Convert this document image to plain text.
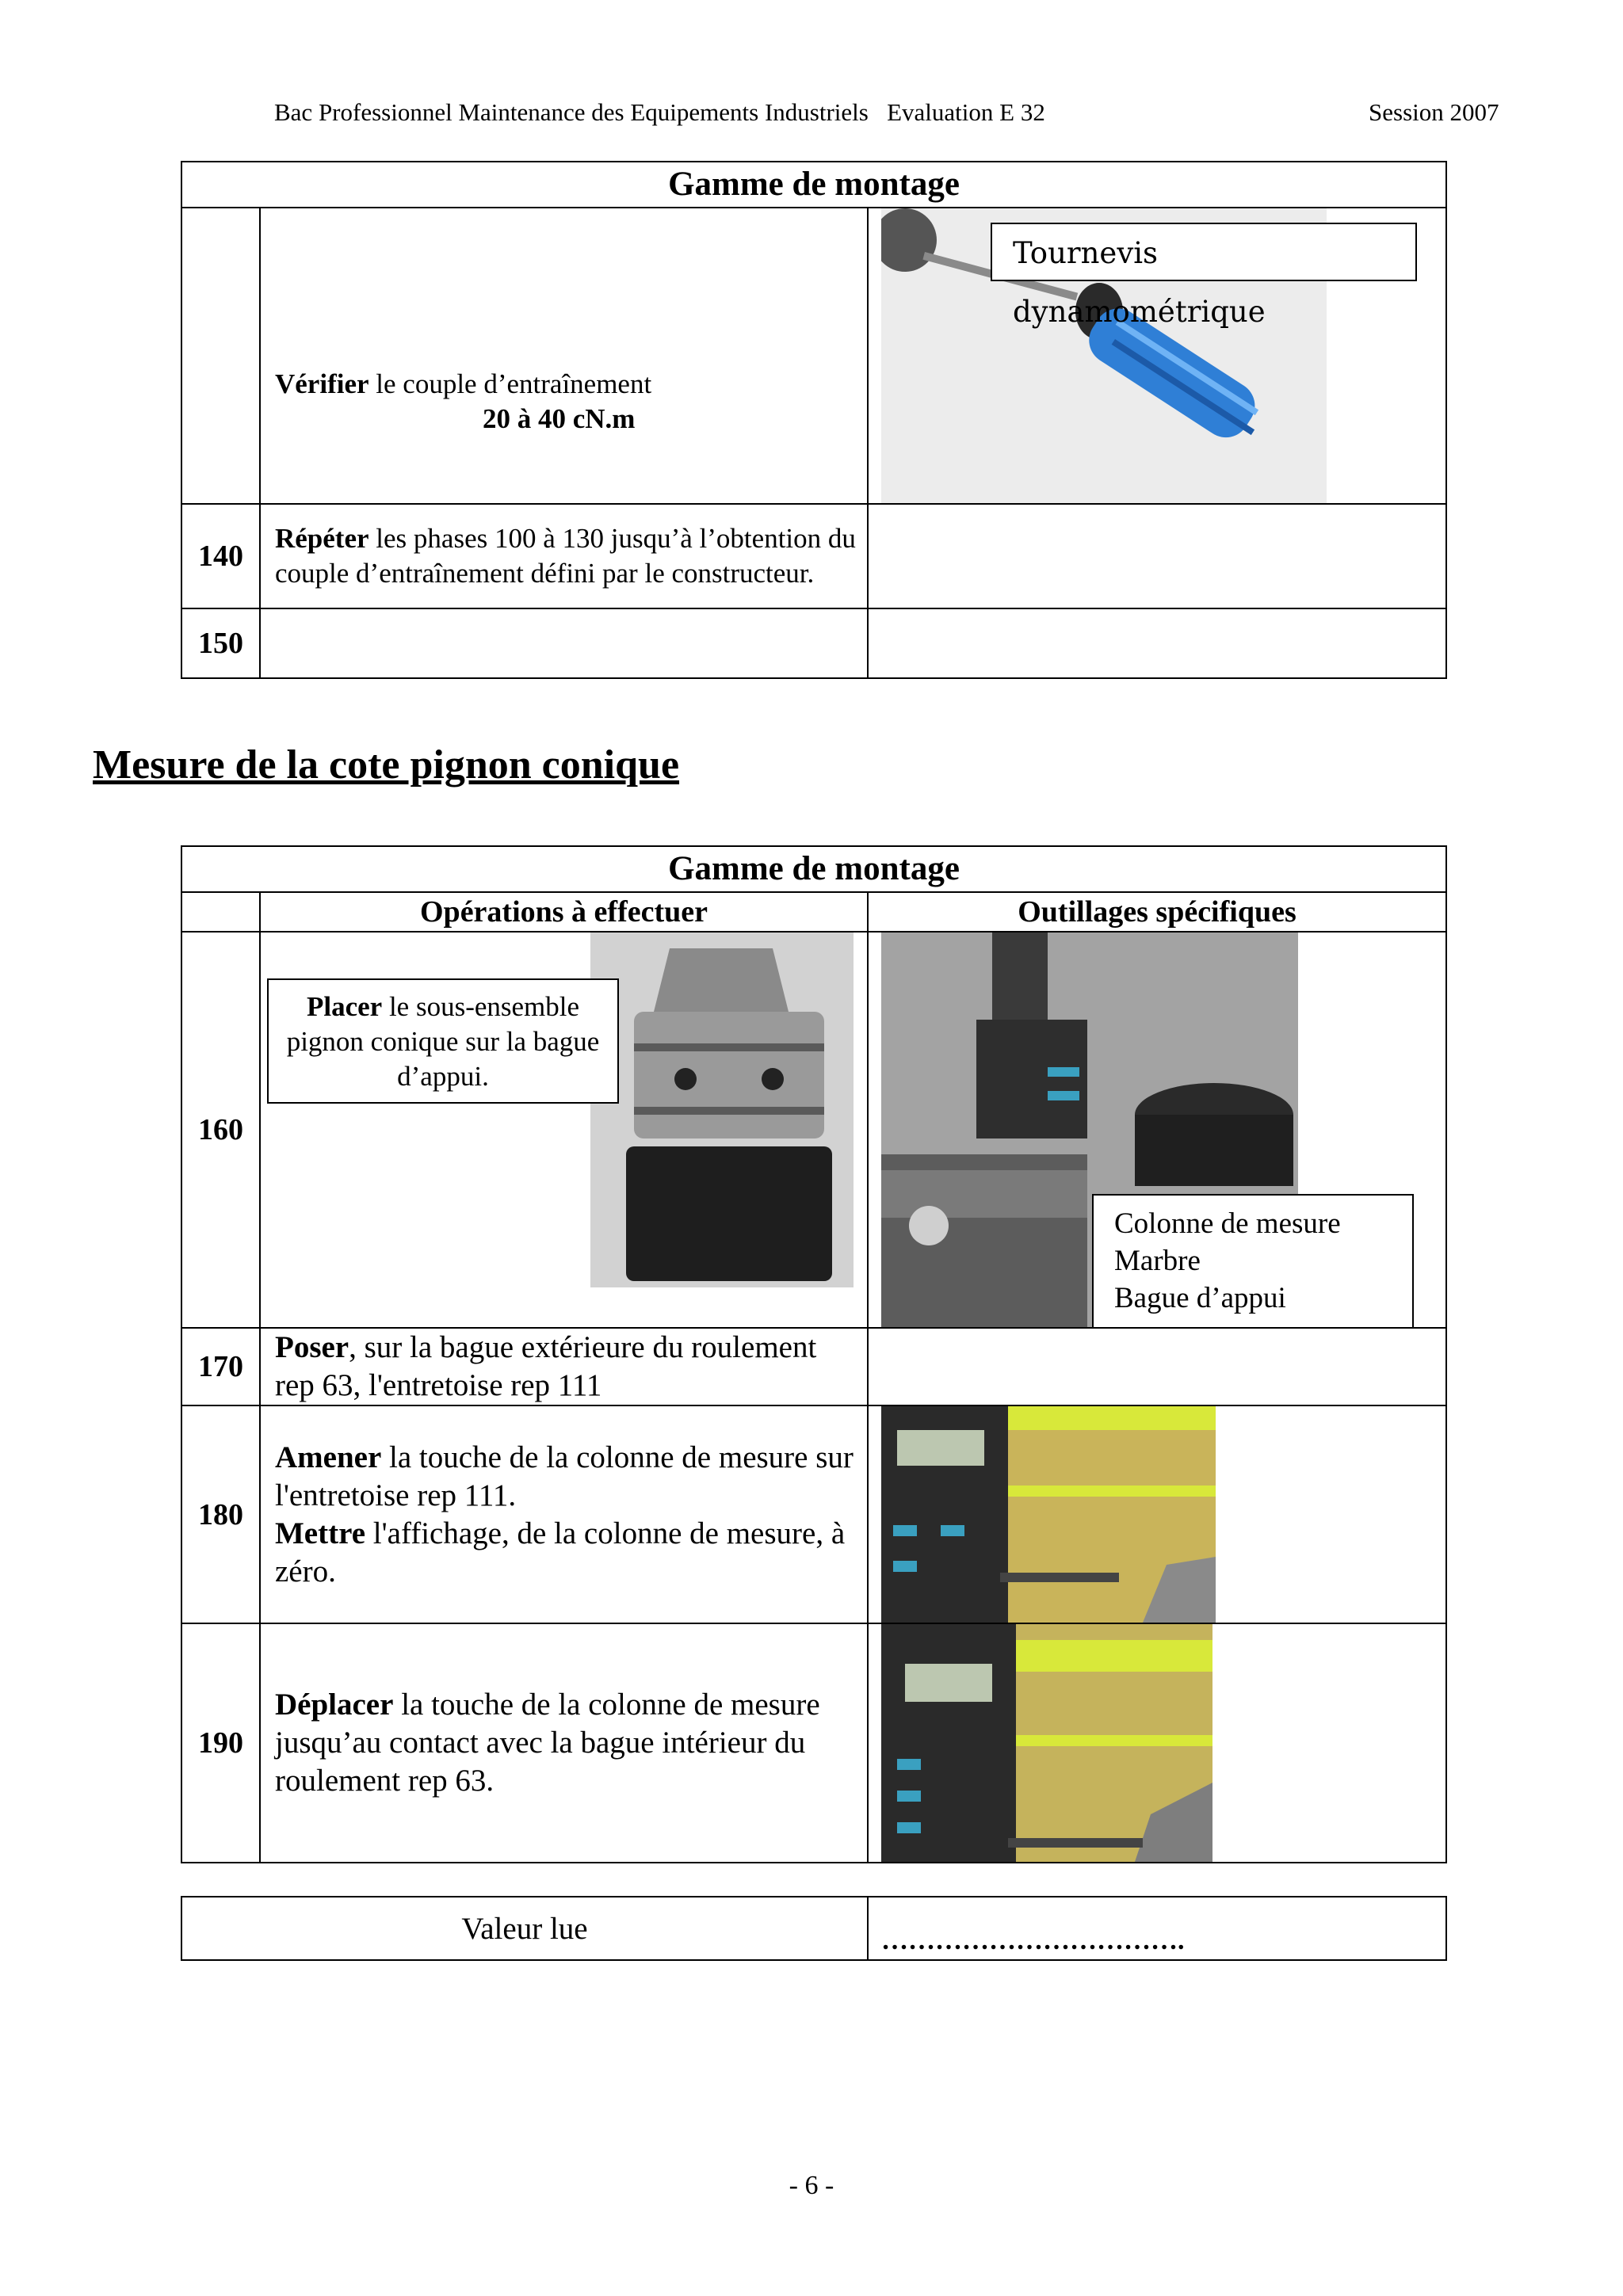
Bac Professionnel Maintenance des Equipements Industriels   Evaluation E 32	Session 2007
Gamme de montage		

	Vérifier le couple d’entraînement
20 à 40 cN.m	Tournevis dynamométrique

140	Répéter les phases 100 à 130 jusqu’à l’obtention du couple d’entraînement défini par le constructeur.	
150		
Mesure de la cote pignon conique
Gamme de montage		
	Opérations à effectuer	Outillages spécifiques
160	Placer le sous-ensemble pignon conique sur la bague d’appui.	Colonne de mesure
Marbre
Bague d’appui

170	Poser, sur la bague extérieure du roulement rep 63, l'entretoise rep 111	
180	Amener la touche de la colonne de mesure sur l'entretoise rep 111.
Mettre l'affichage, de la colonne de mesure, à zéro.	

190	Déplacer la touche de la colonne de mesure jusqu’au contact avec la bague intérieur du roulement rep 63.	
Valeur lue	…………………………….
- 6 -
